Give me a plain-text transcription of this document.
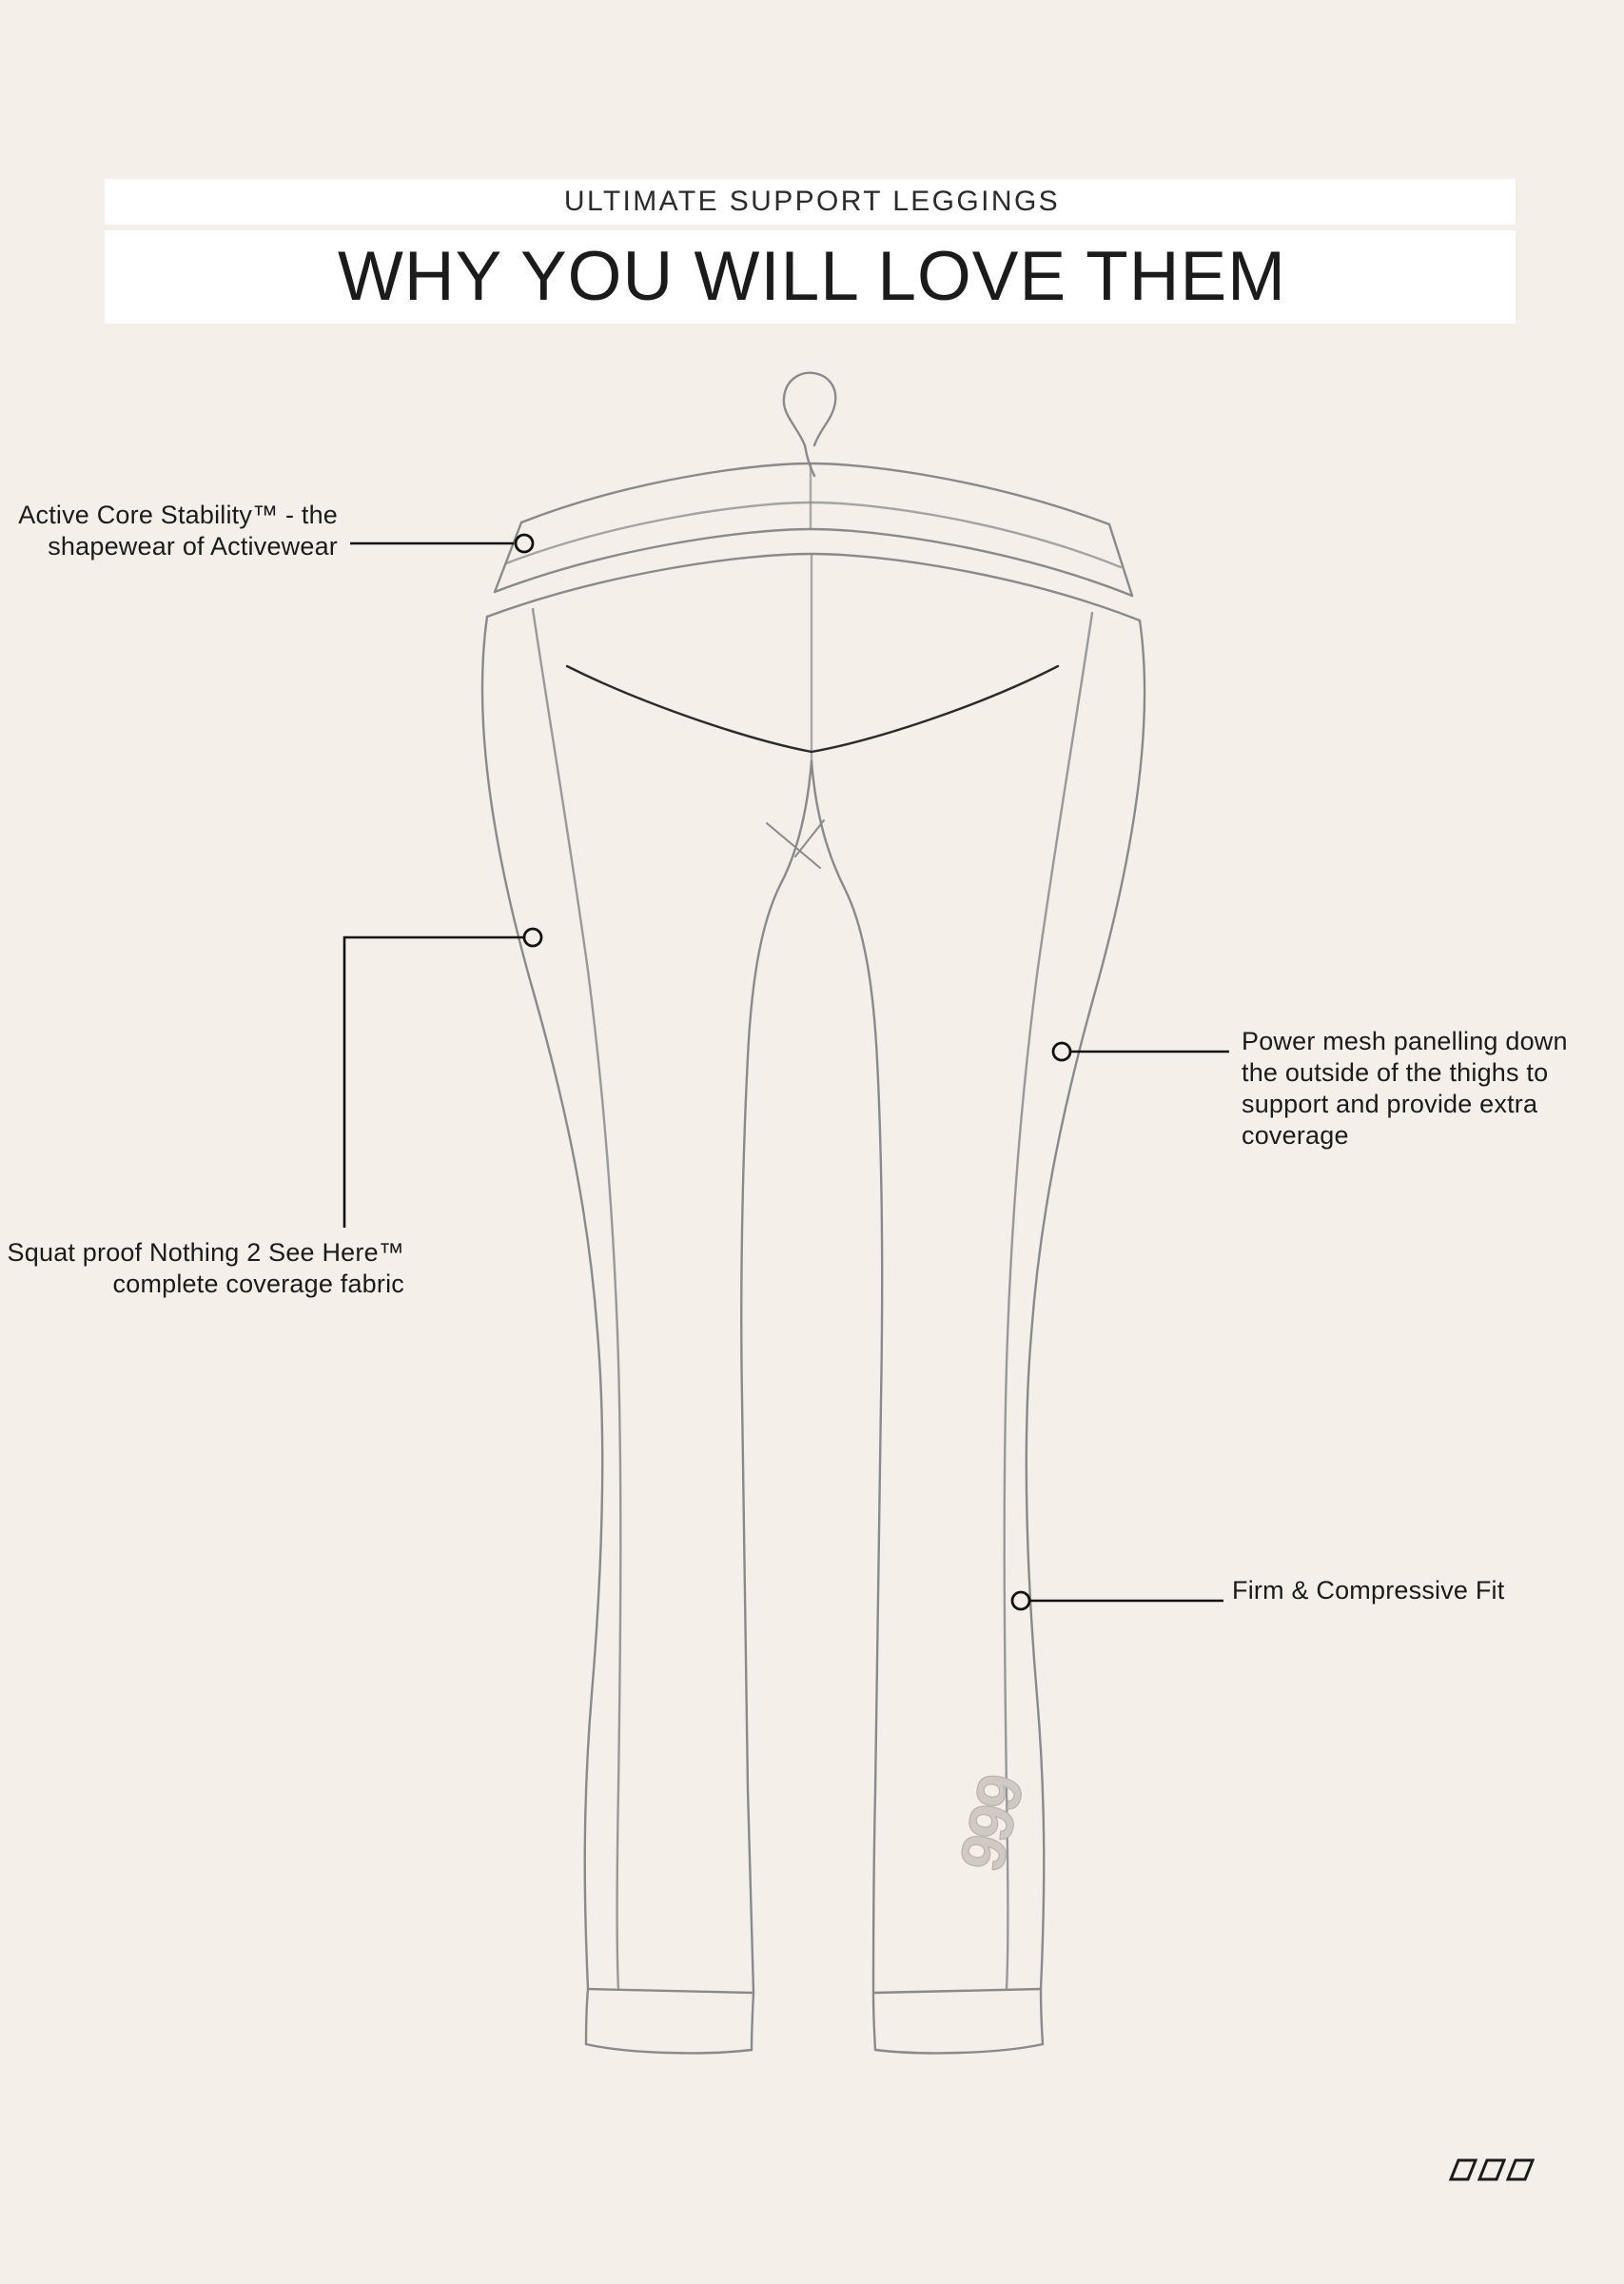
ULTIMATE SUPPORT LEGGINGS
WHY YOU WILL LOVE THEM
999
Active Core Stability™ - the shapewear of Activewear
Squat proof Nothing 2 See Here™ complete coverage fabric
Power mesh panelling down the outside of the thighs to support and provide extra coverage
Firm & Compressive Fit
